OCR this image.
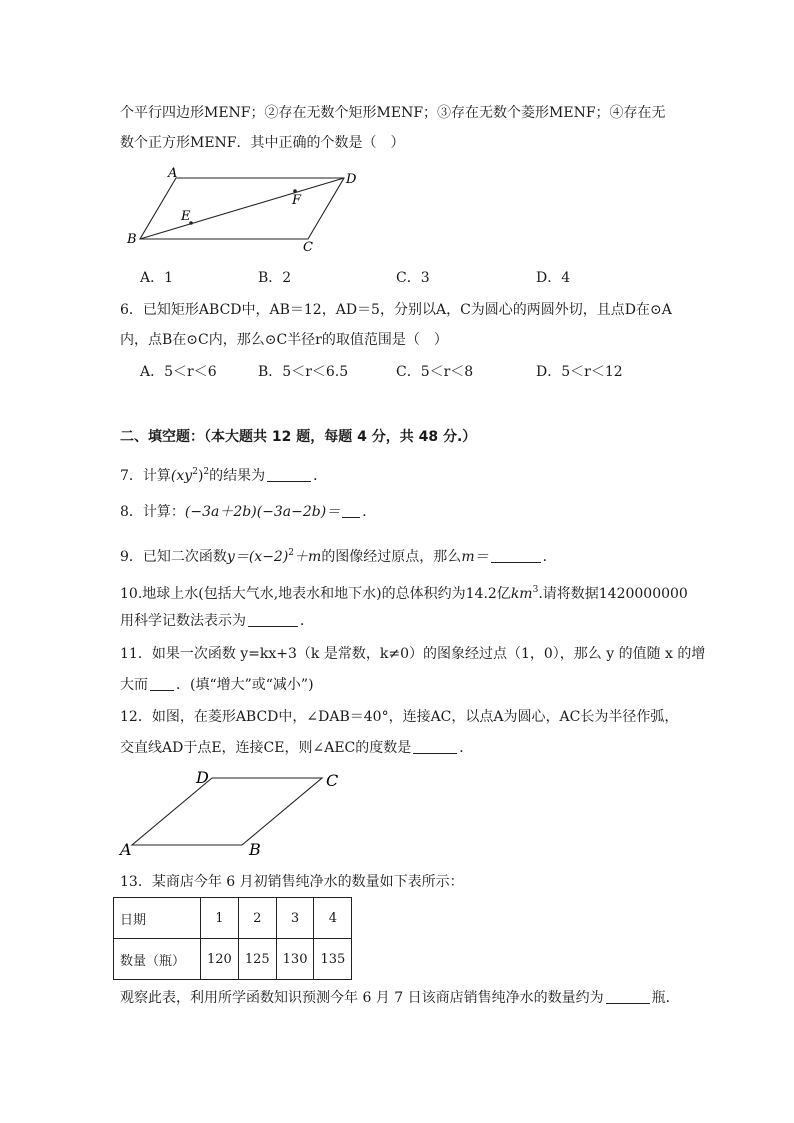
个平行四边形MENF；②存在无数个矩形MENF；③存在无数个菱形MENF；④存在无
数个正方形MENF．其中正确的个数是（　）
A	D
B
C
E
F
A．1	B．2	C．3	D．4
6．已知矩形ABCD中，AB＝12，AD＝5，分别以A，C为圆心的两圆外切，且点D在⊙A
内，点B在⊙C内，那么⊙C半径r的取值范围是（　）
A．5＜r＜6	B．5＜r＜6.5	C．5＜r＜8	D．5＜r＜12
二、填空题：（本大题共 12 题，每题 4 分，共 48 分.）
7．计算$(xy^2)^2$的结果为	．
8．计算：(−3a＋2b)(−3a−2b)＝ ．
9．已知二次函数$y=(x-2)^2+m$的图像经过原点，那么m＝	．
10.地球上水(包括大气水,地表水和地下水)的总体积约为14.2亿$km^3$.请将数据1420000000
用科学记数法表示为	．
11．如果一次函数 y=kx+3（k 是常数，k≠0）的图象经过点（1，0），那么 y 的值随 x 的增
大而 ．(填“增大”或“减小”)
12．如图，在菱形ABCD中，∠DAB＝40°，连接AC，以点A为圆心，AC长为半径作弧，
交直线AD于点E，连接CE，则∠AEC的度数是	．
D	C
A	B
13．某商店今年 6 月初销售纯净水的数量如下表所示：
日期	1	2	3	4
数量（瓶）	120	125	130	135
观察此表，利用所学函数知识预测今年 6 月 7 日该商店销售纯净水的数量约为	瓶．
